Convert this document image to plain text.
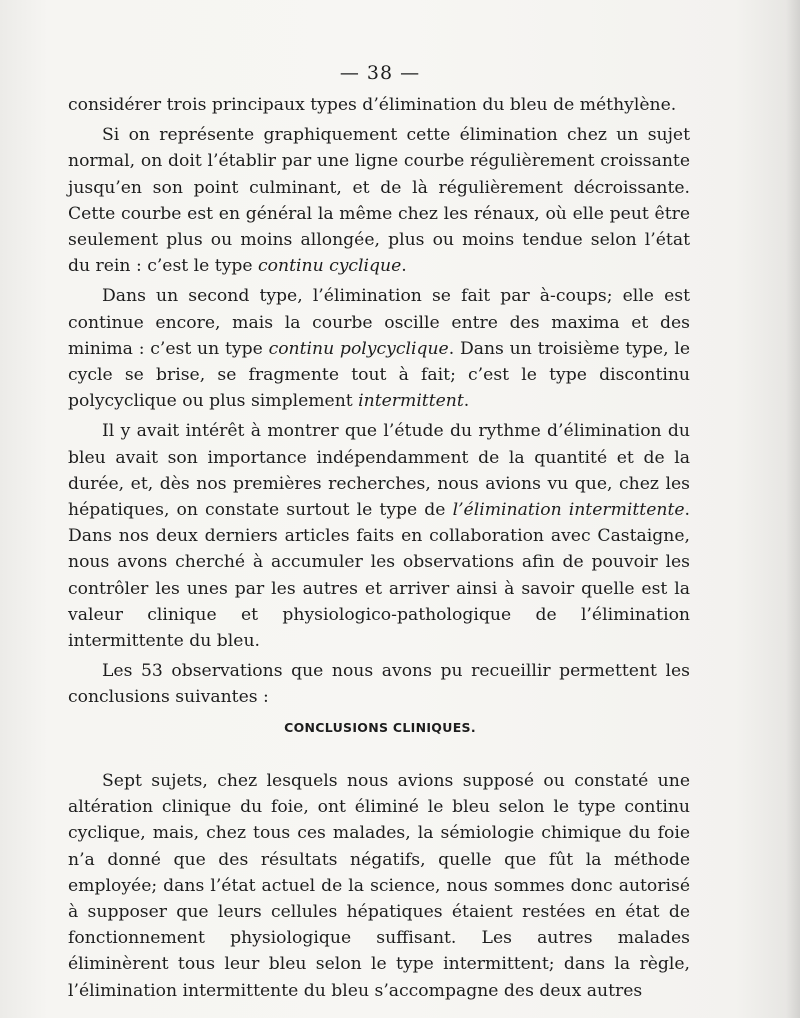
— 38 —

considérer trois principaux types d’élimination du bleu de méthylène.

Si on représente graphiquement cette élimination chez un sujet normal, on doit l’établir par une ligne courbe régulièrement croissante jusqu’en son point culminant, et de là régulièrement décroissante. Cette courbe est en général la même chez les rénaux, où elle peut être seulement plus ou moins allongée, plus ou moins tendue selon l’état du rein : c’est le type continu cyclique.

Dans un second type, l’élimination se fait par à-coups; elle est continue encore, mais la courbe oscille entre des maxima et des minima : c’est un type continu polycyclique. Dans un troisième type, le cycle se brise, se fragmente tout à fait; c’est le type discontinu polycyclique ou plus simplement intermittent.

Il y avait intérêt à montrer que l’étude du rythme d’élimination du bleu avait son importance indépendamment de la quantité et de la durée, et, dès nos premières recherches, nous avions vu que, chez les hépatiques, on constate surtout le type de l’élimination intermittente. Dans nos deux derniers articles faits en collaboration avec Castaigne, nous avons cherché à accumuler les observations afin de pouvoir les contrôler les unes par les autres et arriver ainsi à savoir quelle est la valeur clinique et physiologico-pathologique de l’élimination intermittente du bleu.

Les 53 observations que nous avons pu recueillir permettent les conclusions suivantes :

CONCLUSIONS CLINIQUES.

Sept sujets, chez lesquels nous avions supposé ou constaté une altération clinique du foie, ont éliminé le bleu selon le type continu cyclique, mais, chez tous ces malades, la sémiologie chimique du foie n’a donné que des résultats négatifs, quelle que fût la méthode employée; dans l’état actuel de la science, nous sommes donc autorisé à supposer que leurs cellules hépatiques étaient restées en état de fonctionnement physiologique suffisant. Les autres malades éliminèrent tous leur bleu selon le type intermittent; dans la règle, l’élimination intermittente du bleu s’accompagne des deux autres
